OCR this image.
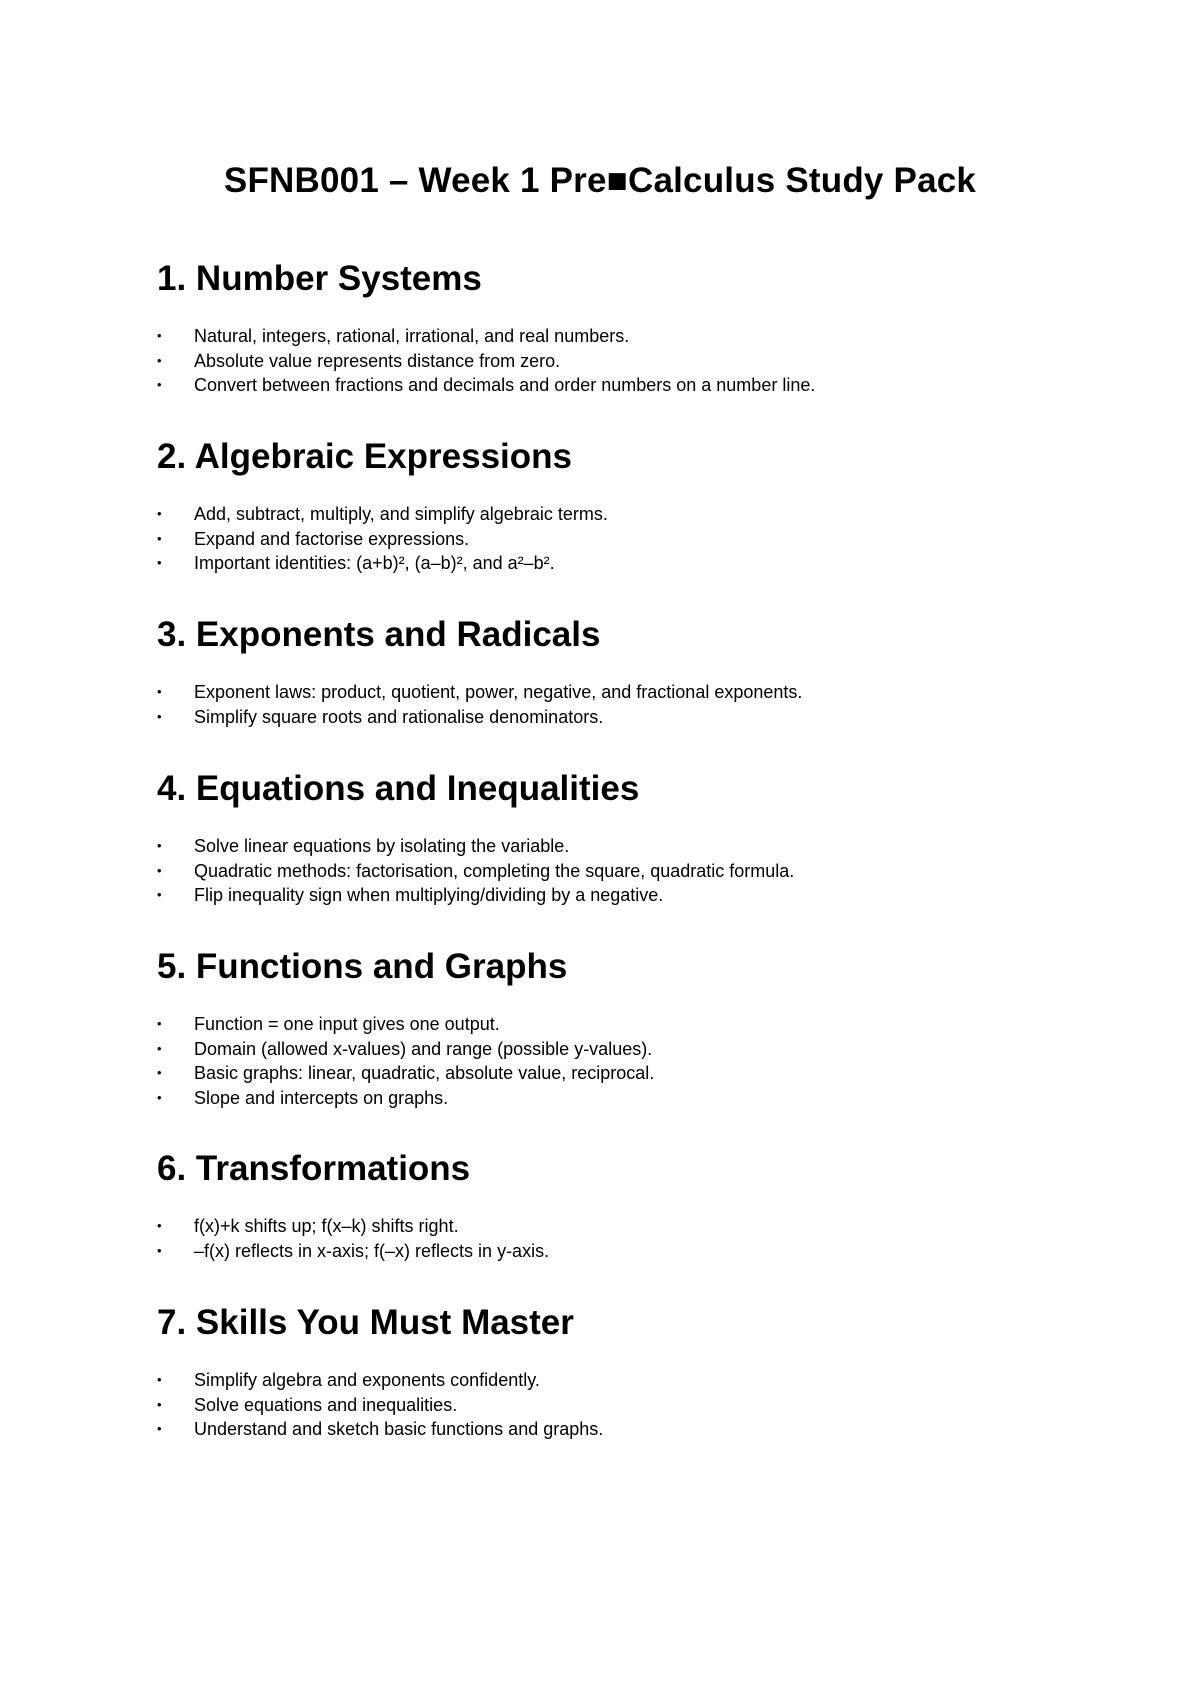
SFNB001 – Week 1 Pre■Calculus Study Pack
1. Number Systems
•	Natural, integers, rational, irrational, and real numbers.
•	Absolute value represents distance from zero.
•	Convert between fractions and decimals and order numbers on a number line.
2. Algebraic Expressions
•	Add, subtract, multiply, and simplify algebraic terms.
•	Expand and factorise expressions.
•	Important identities: (a+b)², (a–b)², and a²–b².
3. Exponents and Radicals
•	Exponent laws: product, quotient, power, negative, and fractional exponents.
•	Simplify square roots and rationalise denominators.
4. Equations and Inequalities
•	Solve linear equations by isolating the variable.
•	Quadratic methods: factorisation, completing the square, quadratic formula.
•	Flip inequality sign when multiplying/dividing by a negative.
5. Functions and Graphs
•	Function = one input gives one output.
•	Domain (allowed x-values) and range (possible y-values).
•	Basic graphs: linear, quadratic, absolute value, reciprocal.
•	Slope and intercepts on graphs.
6. Transformations
•	f(x)+k shifts up; f(x–k) shifts right.
•	–f(x) reflects in x-axis; f(–x) reflects in y-axis.
7. Skills You Must Master
•	Simplify algebra and exponents confidently.
•	Solve equations and inequalities.
•	Understand and sketch basic functions and graphs.
